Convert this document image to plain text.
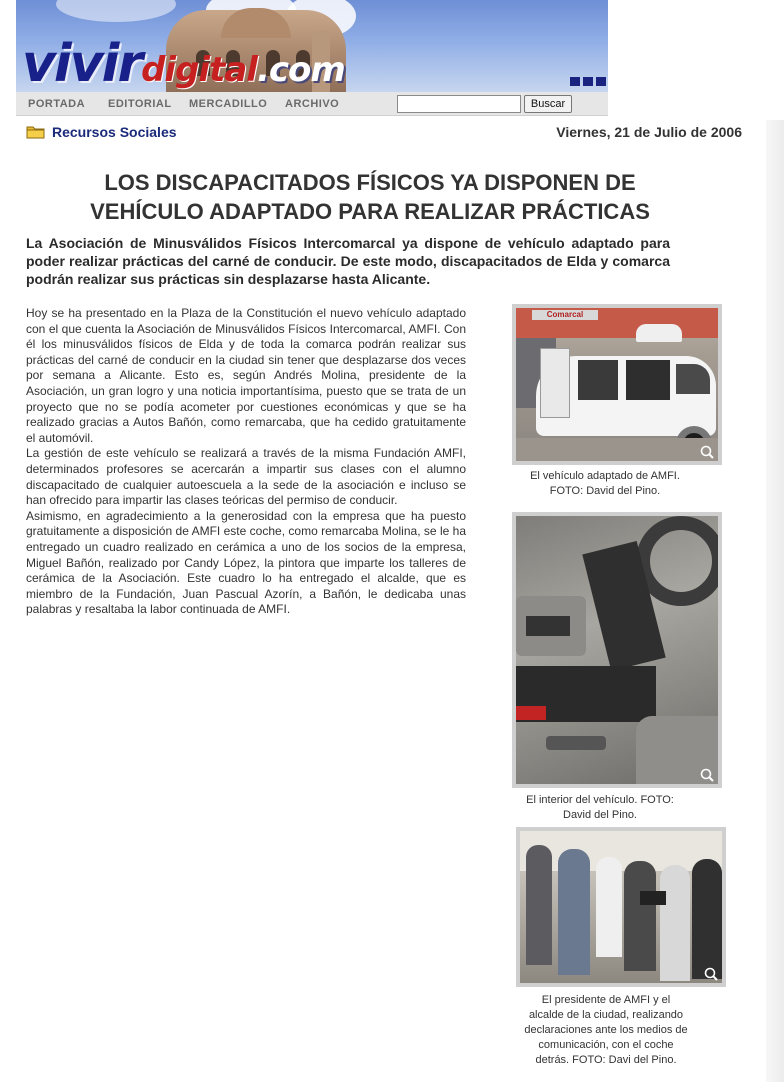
vivirdigital.com
PORTADA EDITORIAL MERCADILLO ARCHIVO	Buscar
Recursos Sociales	Viernes, 21 de Julio de 2006
LOS DISCAPACITADOS FÍSICOS YA DISPONEN DE
VEHÍCULO ADAPTADO PARA REALIZAR PRÁCTICAS

La Asociación de Minusválidos Físicos Intercomarcal ya dispone de vehículo adaptado para poder realizar prácticas del carné de conducir. De este modo, discapacitados de Elda y comarca podrán realizar sus prácticas sin desplazarse hasta Alicante.

Hoy se ha presentado en la Plaza de la Constitución el nuevo vehículo adaptado con el que cuenta la Asociación de Minusválidos Físicos Intercomarcal, AMFI. Con él los minusválidos físicos de Elda y de toda la comarca podrán realizar sus prácticas del carné de conducir en la ciudad sin tener que desplazarse dos veces por semana a Alicante. Esto es, según Andrés Molina, presidente de la Asociación, un gran logro y una noticia importantísima, puesto que se trata de un proyecto que no se podía acometer por cuestiones económicas y que se ha realizado gracias a Autos Bañón, como remarcaba, que ha cedido gratuitamente el automóvil.

La gestión de este vehículo se realizará a través de la misma Fundación AMFI, determinados profesores se acercarán a impartir sus clases con el alumno discapacitado de cualquier autoescuela a la sede de la asociación e incluso se han ofrecido para impartir las clases teóricas del permiso de conducir.

Asimismo, en agradecimiento a la generosidad con la empresa que ha puesto gratuitamente a disposición de AMFI este coche, como remarcaba Molina, se le ha entregado un cuadro realizado en cerámica a uno de los socios de la empresa, Miguel Bañón, realizado por Candy López, la pintora que imparte los talleres de cerámica de la Asociación. Este cuadro lo ha entregado el alcalde, que es miembro de la Fundación, Juan Pascual Azorín, a Bañón, le dedicaba unas palabras y resaltaba la labor continuada de AMFI.

Comarcal
El vehículo adaptado de AMFI.
FOTO: David del Pino.
El interior del vehículo. FOTO:
David del Pino.
El presidente de AMFI y el
alcalde de la ciudad, realizando
declaraciones ante los medios de
comunicación, con el coche
detrás. FOTO: Davi del Pino.
